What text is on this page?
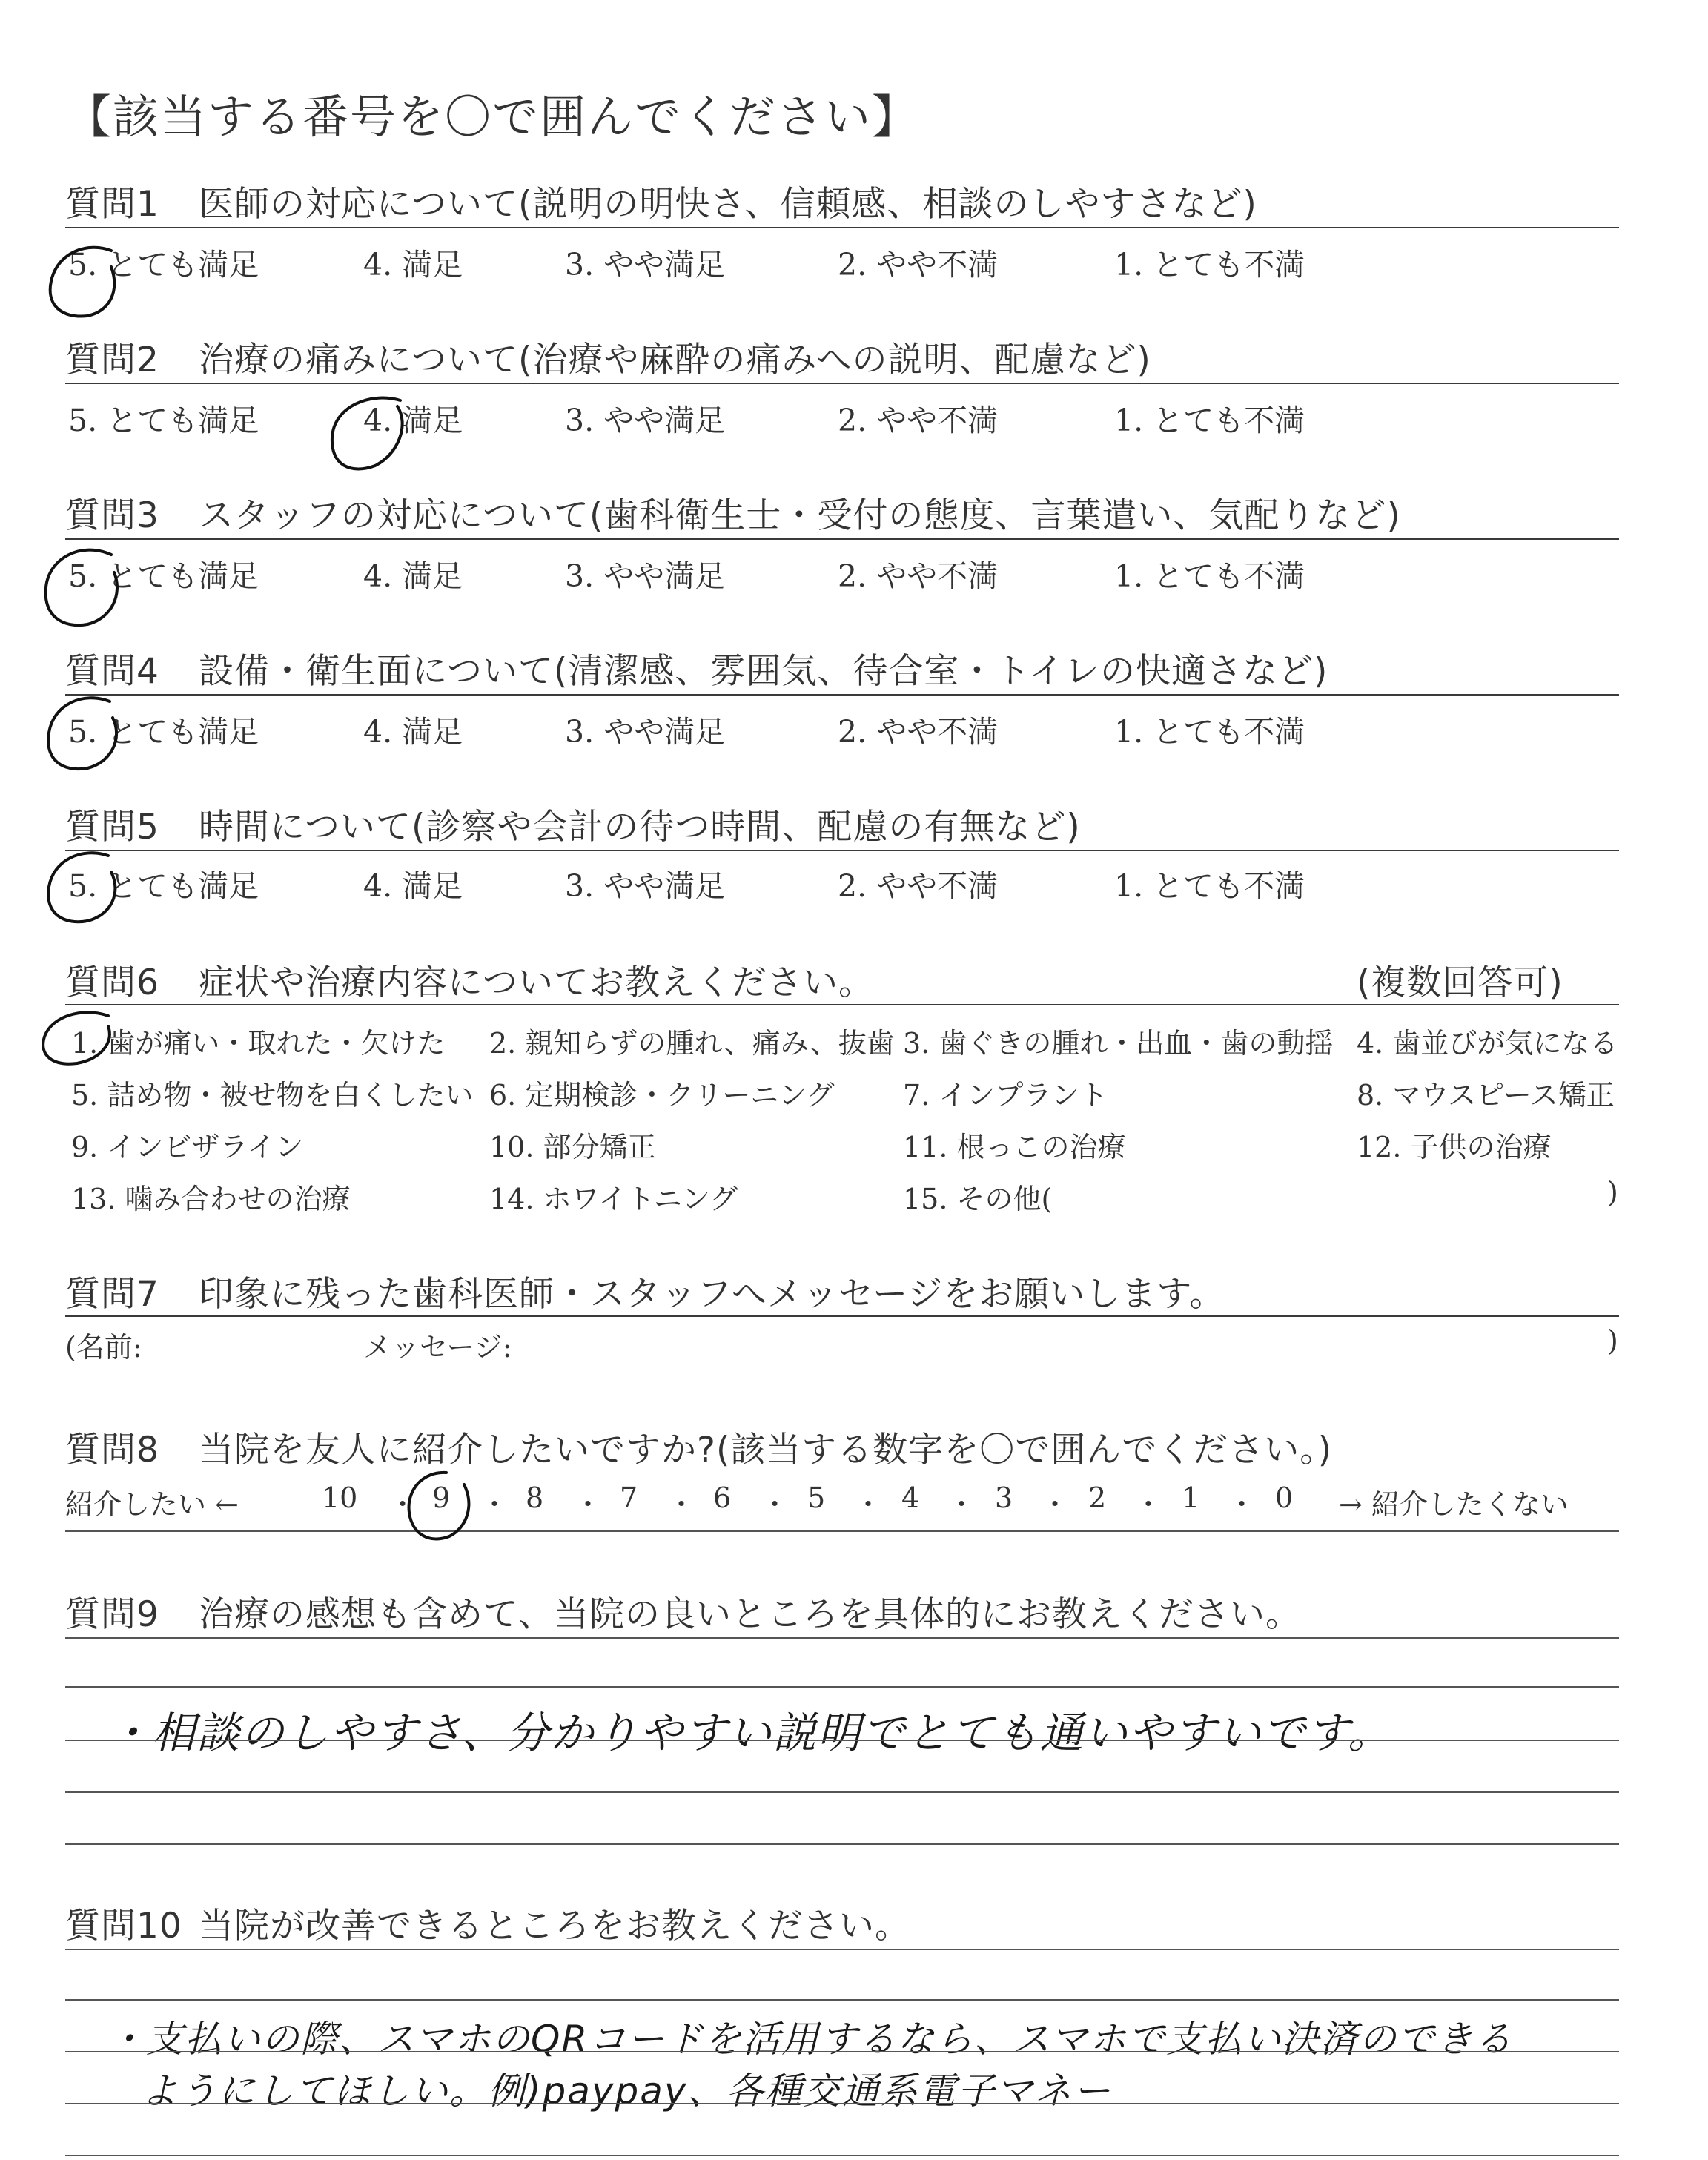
【該当する番号を〇で囲んでください】
質問1 医師の対応について(説明の明快さ、信頼感、相談のしやすさなど)
5. とても満足	4. 満足	3. やや満足	2. やや不満	1. とても不満
質問2 治療の痛みについて(治療や麻酔の痛みへの説明、配慮など)
5. とても満足	4. 満足	3. やや満足	2. やや不満	1. とても不満
質問3 スタッフの対応について(歯科衛生士・受付の態度、言葉遣い、気配りなど)
5. とても満足	4. 満足	3. やや満足	2. やや不満	1. とても不満
質問4 設備・衛生面について(清潔感、雰囲気、待合室・トイレの快適さなど)
5. とても満足	4. 満足	3. やや満足	2. やや不満	1. とても不満
質問5 時間について(診察や会計の待つ時間、配慮の有無など)
5. とても満足	4. 満足	3. やや満足	2. やや不満	1. とても不満
質問6 症状や治療内容についてお教えください。	(複数回答可)
1. 歯が痛い・取れた・欠けた 2. 親知らずの腫れ、痛み、抜歯 3. 歯ぐきの腫れ・出血・歯の動揺 4. 歯並びが気になる
5. 詰め物・被せ物を白くしたい 6. 定期検診・クリーニング 7. インプラント	8. マウスピース矯正
9. インビザライン	10. 部分矯正	11. 根っこの治療	12. 子供の治療
13. 噛み合わせの治療	14. ホワイトニング	15. その他(	)
質問7 印象に残った歯科医師・スタッフへメッセージをお願いします。
(名前:	メッセージ:	)
質問8 当院を友人に紹介したいですか?(該当する数字を〇で囲んでください。)
紹介したい ←	→ 紹介したくない
10 ・ 9 ・ 8 ・ 7 ・ 6 ・ 5 ・ 4 ・ 3 ・ 2 ・ 1 ・ 0
質問9 治療の感想も含めて、当院の良いところを具体的にお教えください。
・相談のしやすさ、分かりやすい説明でとても通いやすいです。
質問10 当院が改善できるところをお教えください。
・支払いの際、スマホのQRコードを活用するなら、スマホで支払い決済のできる
ようにしてほしい。例)paypay、各種交通系電子マネー
